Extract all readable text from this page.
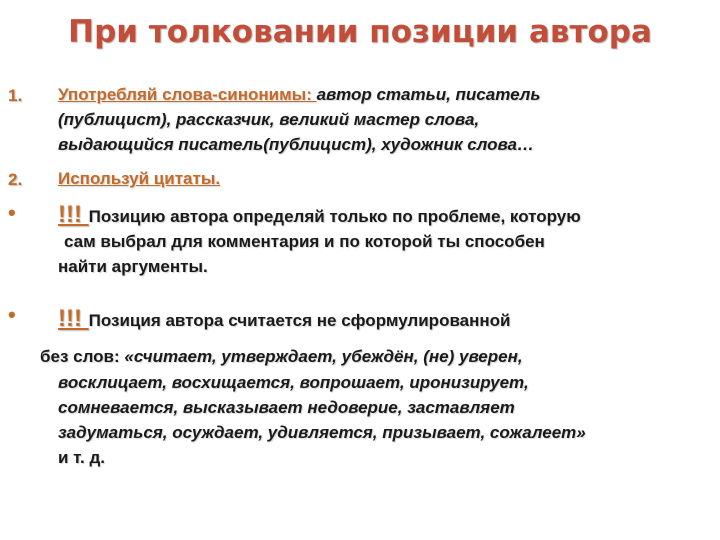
При толковании позиции автора
1. Употребляй слова-синонимы: автор статьи, писатель
(публицист), рассказчик, великий мастер слова,
выдающийся писатель(публицист), художник слова…
2. Используй цитаты.
• !!! Позицию автора определяй только по проблеме, которую
сам выбрал для комментария и по которой ты способен
найти аргументы.
• !!! Позиция автора считается не сформулированной
без слов: «считает, утверждает, убеждён, (не) уверен,
восклицает, восхищается, вопрошает, иронизирует,
сомневается, высказывает недоверие, заставляет
задуматься, осуждает, удивляется, призывает, сожалеет»
и т. д.
